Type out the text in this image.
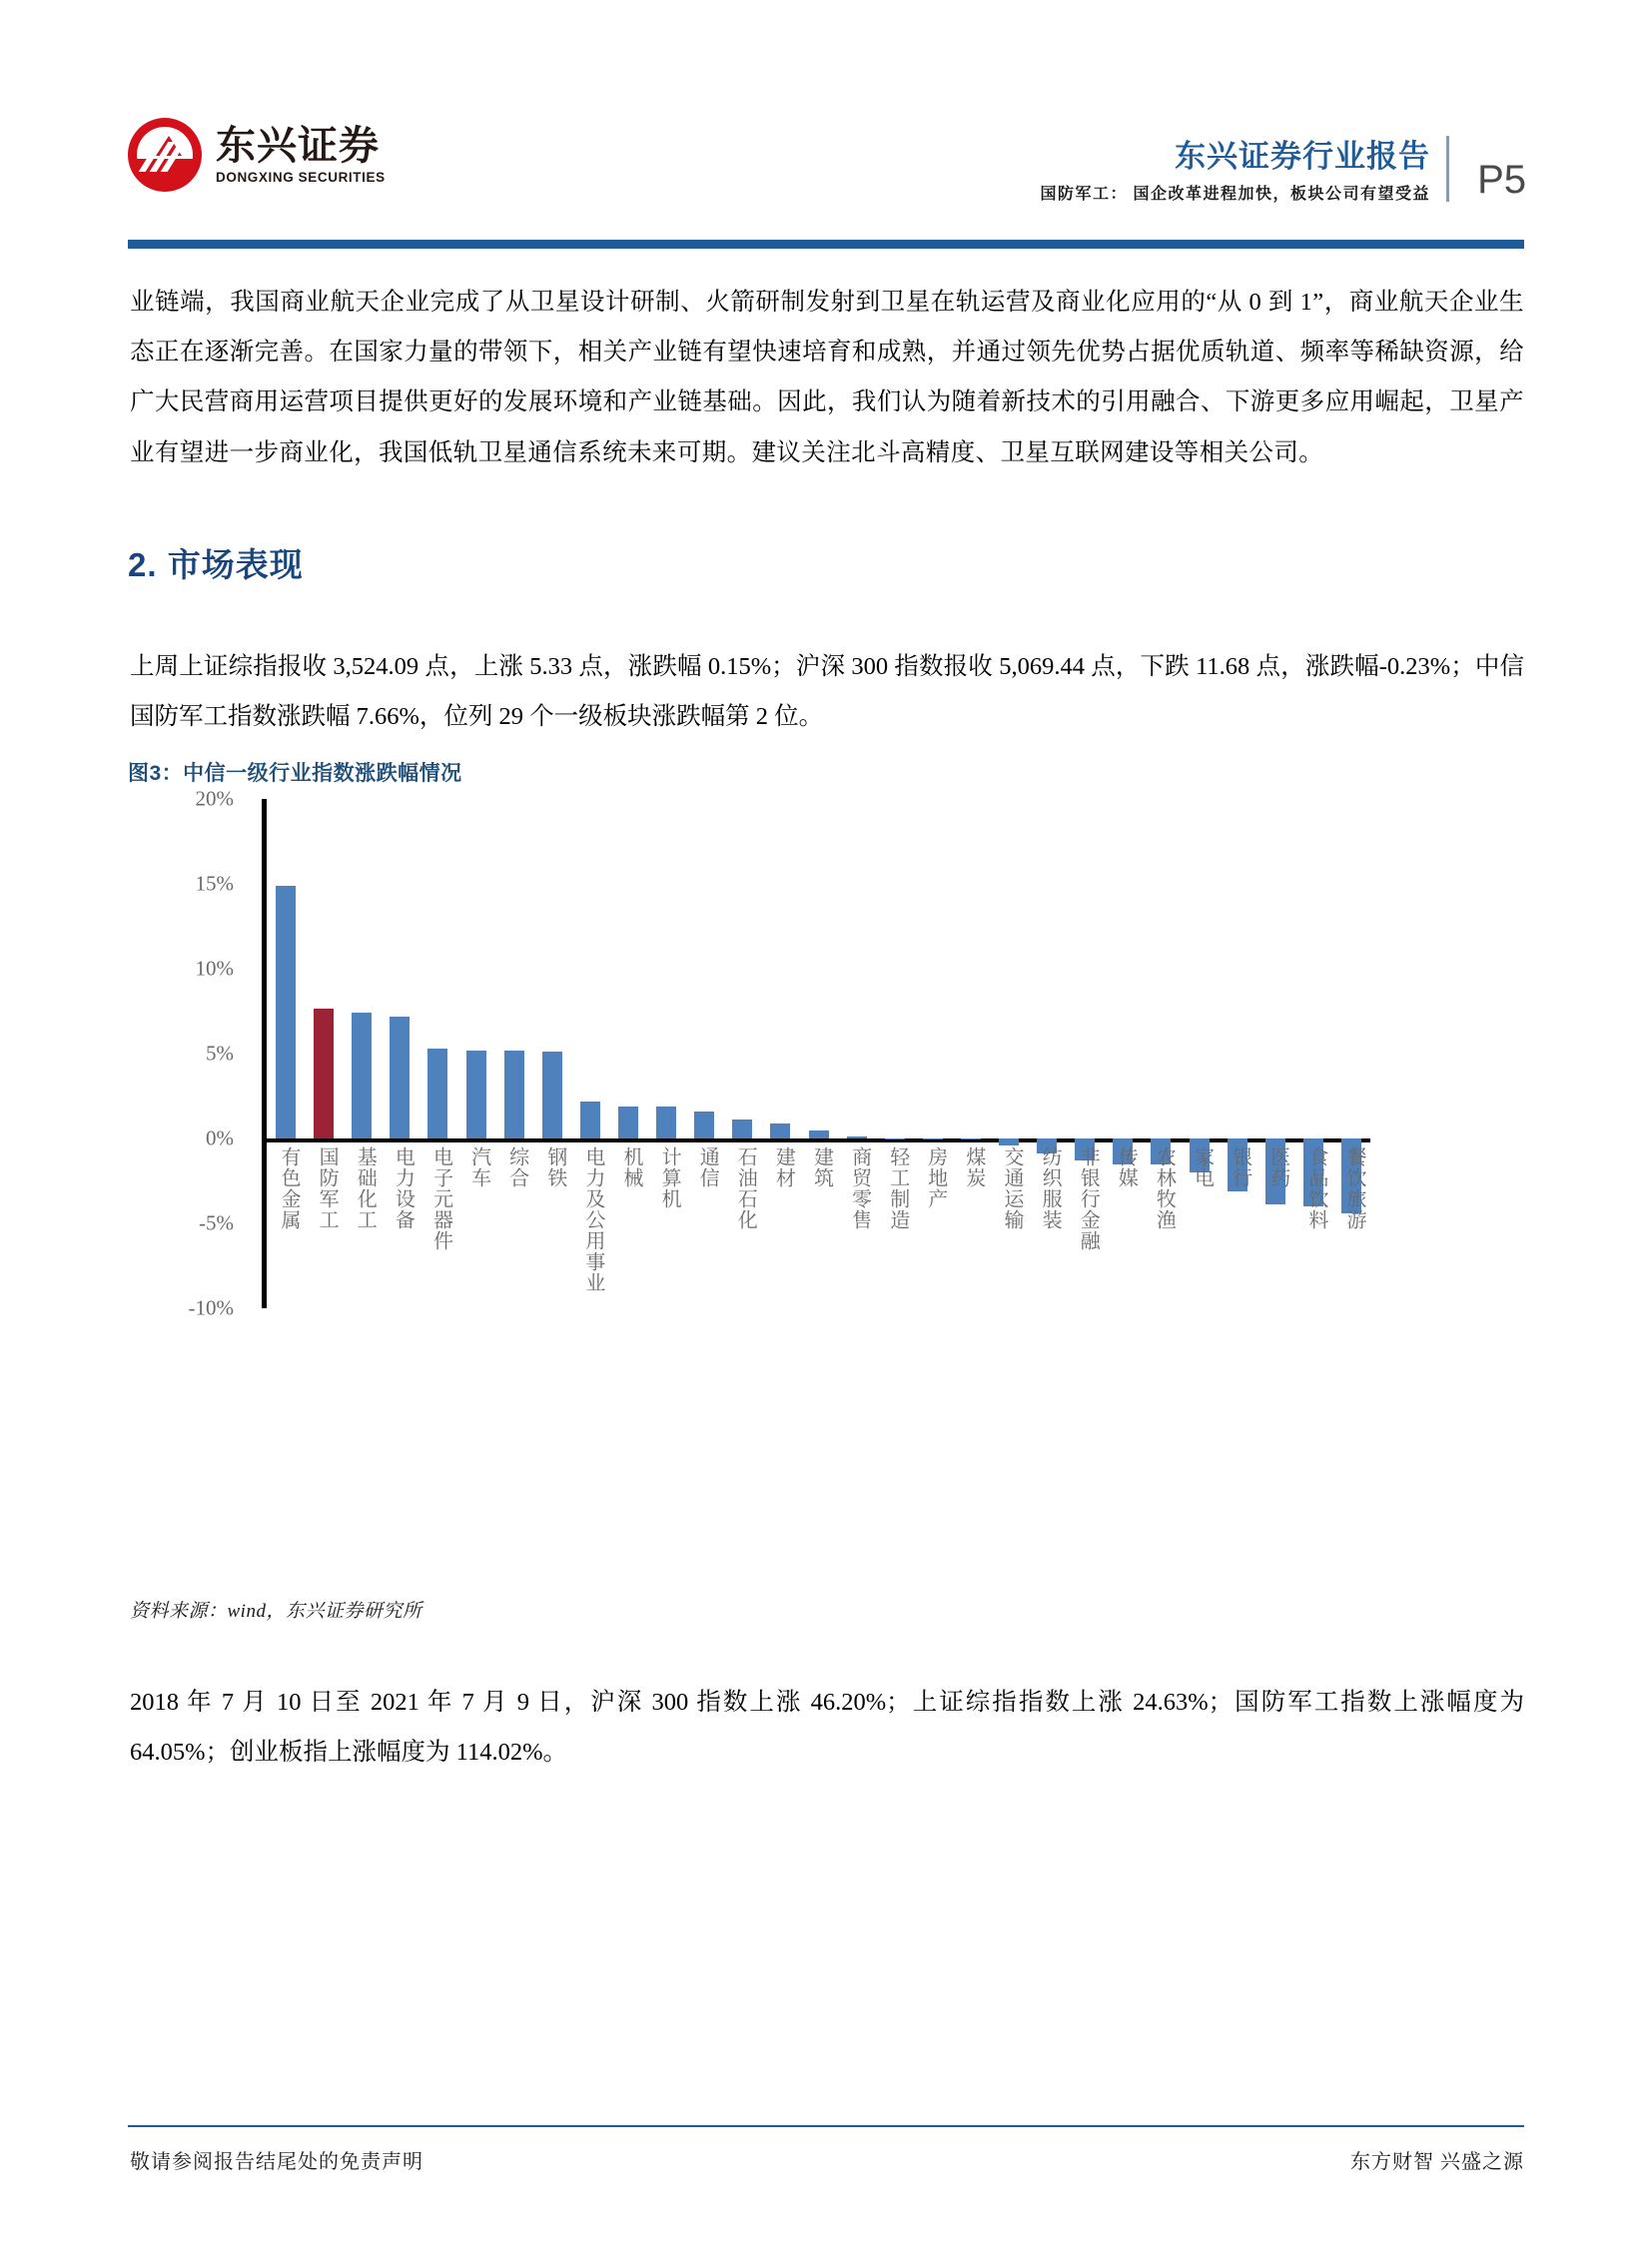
东兴证券
DONGXING SECURITIES
东兴证券行业报告
国防军工： 国企改革进程加快，板块公司有望受益	P5
业链端，我国商业航天企业完成了从卫星设计研制、火箭研制发射到卫星在轨运营及商业化应用的“从 0 到 1”，商业航天企业生态正在逐渐完善。在国家力量的带领下，相关产业链有望快速培育和成熟，并通过领先优势占据优质轨道、频率等稀缺资源，给广大民营商用运营项目提供更好的发展环境和产业链基础。因此，我们认为随着新技术的引用融合、下游更多应用崛起，卫星产业有望进一步商业化，我国低轨卫星通信系统未来可期。建议关注北斗高精度、卫星互联网建设等相关公司。
2. 市场表现
上周上证综指报收 3,524.09 点，上涨 5.33 点，涨跌幅 0.15%；沪深 300 指数报收 5,069.44 点，下跌 11.68 点，涨跌幅-0.23%；中信国防军工指数涨跌幅 7.66%，位列 29 个一级板块涨跌幅第 2 位。
图3：中信一级行业指数涨跌幅情况
20%
15%
10%
5%
0%
-5%
-10%
有色金属 国防军工 基础化工 电力设备 电子元器件 汽车 综合 钢铁 电力及公用事业 机械 计算机 通信 石油石化 建材 建筑 商贸零售 轻工制造 房地产 煤炭 交通运输 纺织服装 非银行金融 传媒 农林牧渔 家电 银行 医药 食品饮料 餐饮旅游
资料来源：wind，东兴证券研究所
2018 年 7 月 10 日至 2021 年 7 月 9 日，沪深 300 指数上涨 46.20%；上证综指指数上涨 24.63%；国防军工指数上涨幅度为 64.05%；创业板指上涨幅度为 114.02%。
敬请参阅报告结尾处的免责声明	东方财智 兴盛之源
